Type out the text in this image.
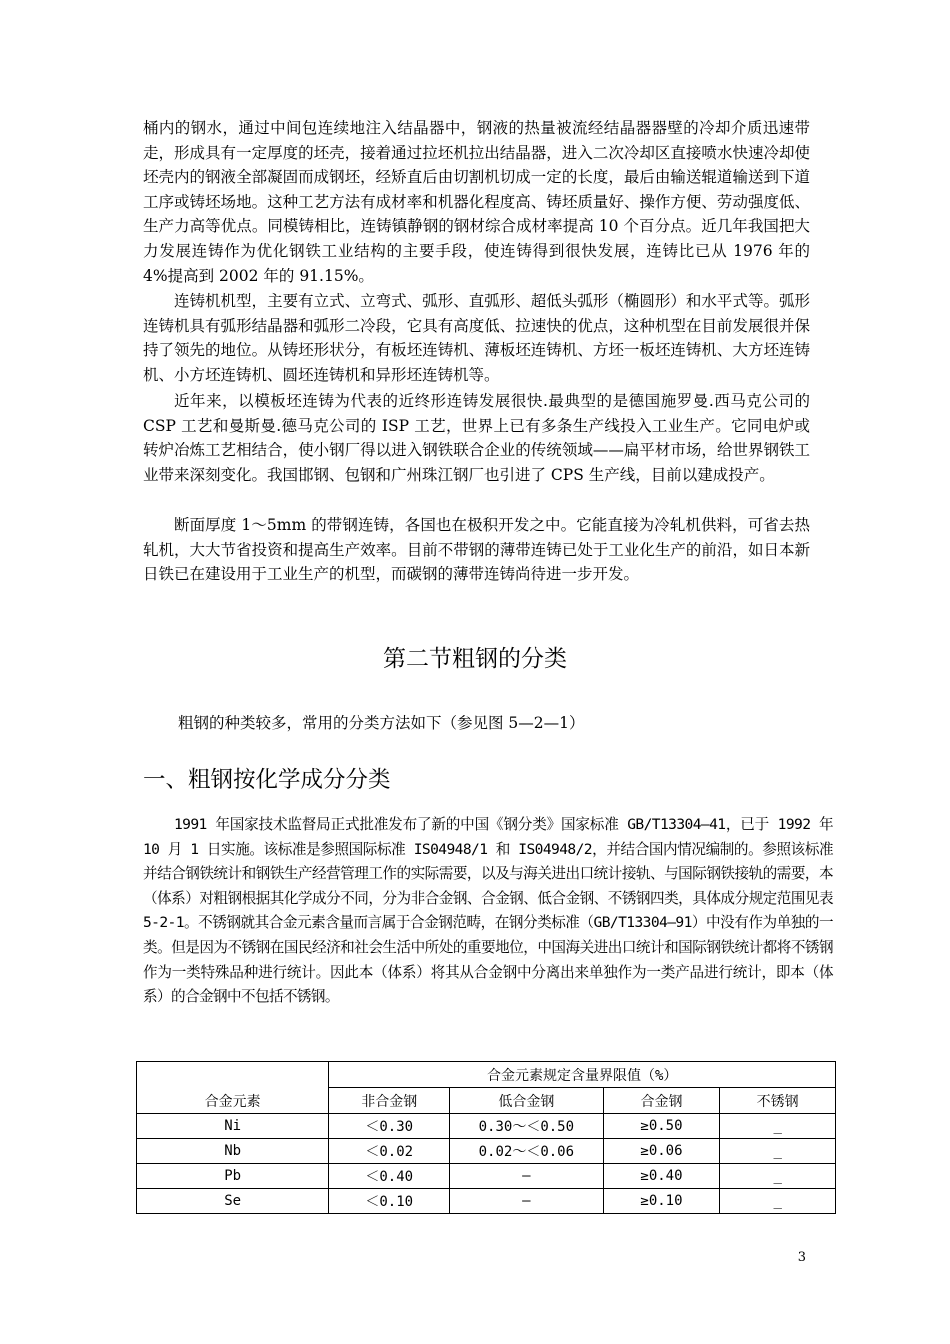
桶内的钢水，通过中间包连续地注入结晶器中，钢液的热量被流经结晶器器壁的冷却介质迅速带走，形成具有一定厚度的坯壳，接着通过拉坯机拉出结晶器，进入二次冷却区直接喷水快速冷却使坯壳内的钢液全部凝固而成钢坯，经矫直后由切割机切成一定的长度，最后由输送辊道输送到下道工序或铸坯场地。这种工艺方法有成材率和机器化程度高、铸坯质量好、操作方便、劳动强度低、生产力高等优点。同模铸相比，连铸镇静钢的钢材综合成材率提高 10 个百分点。近几年我国把大力发展连铸作为优化钢铁工业结构的主要手段，使连铸得到很快发展，连铸比已从 1976 年的 4%提高到 2002 年的 91.15%。

连铸机机型，主要有立式、立弯式、弧形、直弧形、超低头弧形（椭圆形）和水平式等。弧形连铸机具有弧形结晶器和弧形二冷段，它具有高度低、拉速快的优点，这种机型在目前发展很并保持了领先的地位。从铸坯形状分，有板坯连铸机、薄板坯连铸机、方坯一板坯连铸机、大方坯连铸机、小方坯连铸机、圆坯连铸机和异形坯连铸机等。

近年来，以模板坯连铸为代表的近终形连铸发展很快.最典型的是德国施罗曼.西马克公司的 CSP 工艺和曼斯曼.德马克公司的 ISP 工艺，世界上已有多条生产线投入工业生产。它同电炉或转炉冶炼工艺相结合，使小钢厂得以进入钢铁联合企业的传统领域——扁平材市场，给世界钢铁工业带来深刻变化。我国邯钢、包钢和广州珠江钢厂也引进了 CPS 生产线，目前以建成投产。

断面厚度 1～5mm 的带钢连铸，各国也在极积开发之中。它能直接为冷轧机供料，可省去热轧机，大大节省投资和提高生产效率。目前不带钢的薄带连铸已处于工业化生产的前沿，如日本新日铁已在建设用于工业生产的机型，而碳钢的薄带连铸尚待进一步开发。

第二节粗钢的分类

粗钢的种类较多，常用的分类方法如下（参见图 5—2—1）

一、粗钢按化学成分分类

1991 年国家技术监督局正式批准发布了新的中国《钢分类》国家标准 GB/T13304—41，已于 1992 年 10 月 1 日实施。该标准是参照国际标准 IS04948/1 和 IS04948/2，并结合国内情况编制的。参照该标准并结合钢铁统计和钢铁生产经营管理工作的实际需要，以及与海关进出口统计接轨、与国际钢铁接轨的需要，本（体系）对粗钢根据其化学成分不同，分为非合金钢、合金钢、低合金钢、不锈钢四类，具体成分规定范围见表 5-2-1。不锈钢就其合金元素含量而言属于合金钢范畴，在钢分类标准（GB/T13304—91）中没有作为单独的一类。但是因为不锈钢在国民经济和社会生活中所处的重要地位，中国海关进出口统计和国际钢铁统计都将不锈钢作为一类特殊品种进行统计。因此本（体系）将其从合金钢中分离出来单独作为一类产品进行统计，即本（体系）的合金钢中不包括不锈钢。

合金元素	合金元素规定含量界限值（%）			
	非合金钢	低合金钢	合金钢	不锈钢
Ni	＜0.30	0.30～＜0.50	≥0.50	_
Nb	＜0.02	0.02～＜0.06	≥0.06	_
Pb	＜0.40	—	≥0.40	_
Se	＜0.10	—	≥0.10	_
3
